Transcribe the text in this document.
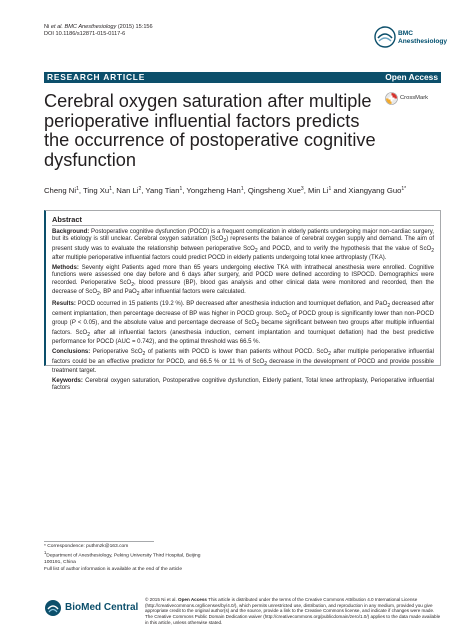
Ni et al. BMC Anesthesiology (2015) 15:156
DOI 10.1186/s12871-015-0117-6	BMC
Anesthesiology
RESEARCH ARTICLE	Open Access
Cerebral oxygen saturation after multiple perioperative influential factors predicts the occurrence of postoperative cognitive dysfunction
CrossMark
Cheng Ni$^1$, Ting Xu$^1$, Nan Li$^2$, Yang Tian$^1$, Yongzheng Han$^1$, Qingsheng Xue$^3$, Min Li$^1$ and Xiangyang Guo$^{1*}$
Abstract

Background: Postoperative cognitive dysfunction (POCD) is a frequent complication in elderly patients undergoing major non-cardiac surgery, but its etiology is still unclear. Cerebral oxygen saturation (ScO$_2$) represents the balance of cerebral oxygen supply and demand. The aim of present study was to evaluate the relationship between perioperative ScO$_2$ and POCD, and to verify the hypothesis that the value of ScO$_2$ after multiple perioperative influential factors could predict POCD in elderly patients undergoing total knee arthroplasty (TKA).

Methods: Seventy eight Patients aged more than 65 years undergoing elective TKA with intrathecal anesthesia were enrolled. Cognitive functions were assessed one day before and 6 days after surgery, and POCD were defined according to ISPOCD. Demographics were recorded. Perioperative ScO$_2$, blood pressure (BP), blood gas analysis and other clinical data were monitored and recorded, then the decrease of ScO$_2$, BP and PaO$_2$ after influential factors were calculated.

Results: POCD occurred in 15 patients (19.2 %). BP decreased after anesthesia induction and tourniquet deflation, and PaO$_2$ decreased after cement implantation, then percentage decrease of BP was higher in POCD group. ScO$_2$ of POCD group is significantly lower than non-POCD group (P < 0.05), and the absolute value and percentage decrease of ScO$_2$ became significant between two groups after multiple influential factors. ScO$_2$ after all influential factors (anesthesia induction, cement implantation and tourniquet deflation) had the best predictive performance for POCD (AUC = 0.742), and the optimal threshold was 66.5 %.

Conclusions: Perioperative ScO$_2$ of patients with POCD is lower than patients without POCD. ScO$_2$ after multiple perioperative influential factors could be an effective predictor for POCD, and 66.5 % or 11 % of ScO$_2$ decrease in the development of POCD and provide possible treatment target.

Keywords: Cerebral oxygen saturation, Postoperative cognitive dysfunction, Elderly patient, Total knee arthroplasty, Perioperative influential factors

* Correspondence: puthmzk@163.com
$^1$Department of Anesthesiology, Peking University Third Hospital, Beijing
100191, China
Full list of author information is available at the end of the article
BioMed Central
© 2015 Ni et al. Open Access This article is distributed under the terms of the Creative Commons Attribution 4.0 International License (http://creativecommons.org/licenses/by/4.0/), which permits unrestricted use, distribution, and reproduction in any medium, provided you give appropriate credit to the original author(s) and the source, provide a link to the Creative Commons license, and indicate if changes were made. The Creative Commons Public Domain Dedication waiver (http://creativecommons.org/publicdomain/zero/1.0/) applies to the data made available in this article, unless otherwise stated.
